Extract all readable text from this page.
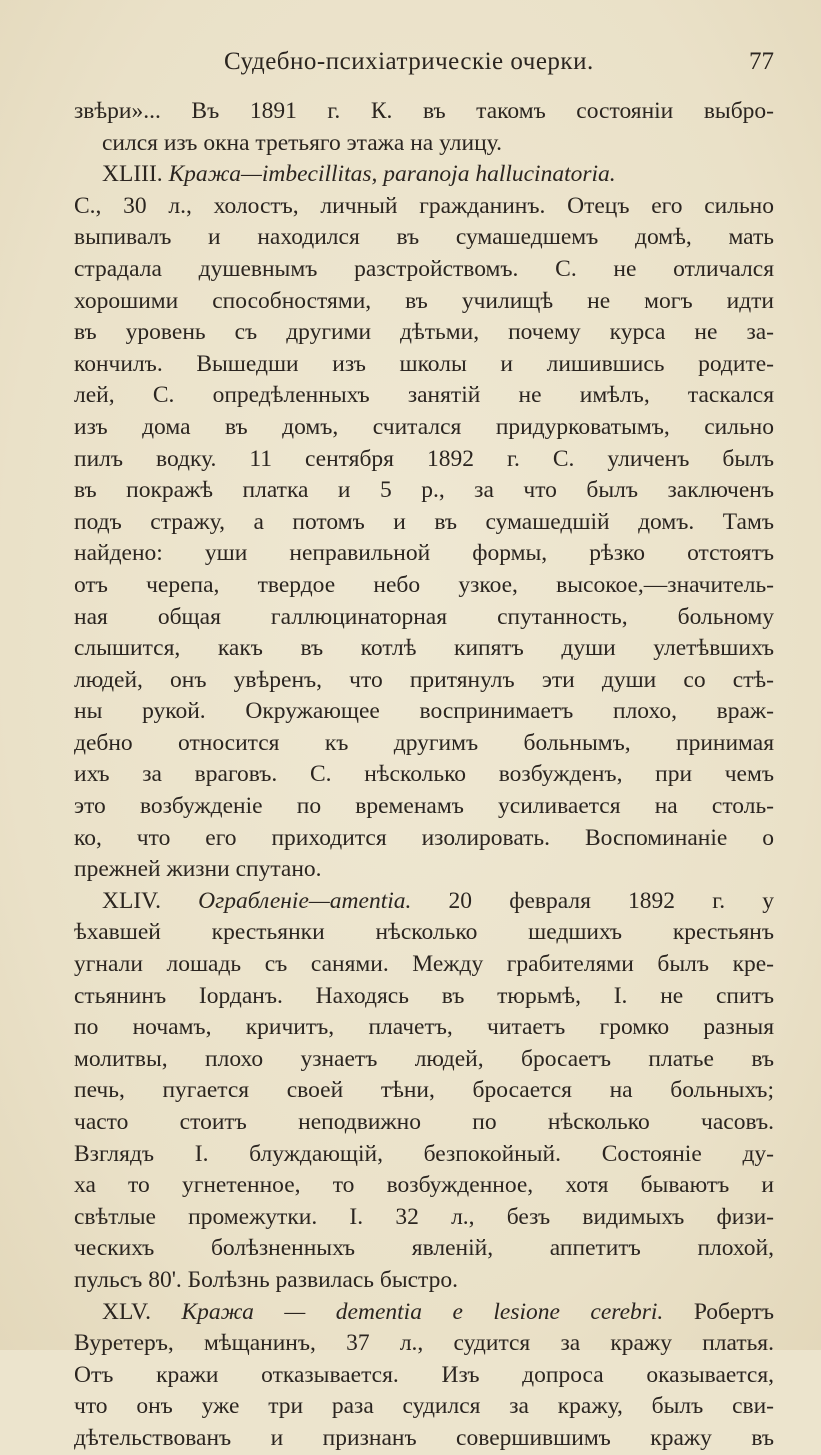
Судебно-психіатрическіе очерки.	77
звѣри»... Въ 1891 г. К. въ такомъ состояніи выбро-
сился изъ окна третьяго этажа на улицу.
XLIII. Кража—imbecillitas, paranoja hallucinatoria.
C., 30 л., холостъ, личный гражданинъ. Отецъ его сильно
выпивалъ и находился въ сумашедшемъ домѣ, мать
страдала душевнымъ разстройствомъ. С. не отличался
хорошими способностями, въ училищѣ не могъ идти
въ уровень съ другими дѣтьми, почему курса не за-
кончилъ. Вышедши изъ школы и лишившись родите-
лей, С. опредѣленныхъ занятій не имѣлъ, таскался
изъ дома въ домъ, считался придурковатымъ, сильно
пилъ водку. 11 сентября 1892 г. С. уличенъ былъ
въ покражѣ платка и 5 р., за что былъ заключенъ
подъ стражу, а потомъ и въ сумашедшій домъ. Тамъ
найдено: уши неправильной формы, рѣзко отстоятъ
отъ черепа, твердое небо узкое, высокое,—значитель-
ная общая галлюцинаторная спутанность, больному
слышится, какъ въ котлѣ кипятъ души улетѣвшихъ
людей, онъ увѣренъ, что притянулъ эти души со стѣ-
ны рукой. Окружающее воспринимаетъ плохо, враж-
дебно относится къ другимъ больнымъ, принимая
ихъ за враговъ. С. нѣсколько возбужденъ, при чемъ
это возбужденіе по временамъ усиливается на столь-
ко, что его приходится изолировать. Воспоминаніе о
прежней жизни спутано.
XLIV. Ограбленіе—amentia. 20 февраля 1892 г. у
ѣхавшей крестьянки нѣсколько шедшихъ крестьянъ
угнали лошадь съ санями. Между грабителями былъ кре-
стьянинъ Іорданъ. Находясь въ тюрьмѣ, І. не спитъ
по ночамъ, кричитъ, плачетъ, читаетъ громко разныя
молитвы, плохо узнаетъ людей, бросаетъ платье въ
печь, пугается своей тѣни, бросается на больныхъ;
часто стоитъ неподвижно по нѣсколько часовъ.
Взглядъ І. блуждающій, безпокойный. Состояніе ду-
ха то угнетенное, то возбужденное, хотя бываютъ и
свѣтлые промежутки. І. 32 л., безъ видимыхъ физи-
ческихъ болѣзненныхъ явленій, аппетитъ плохой,
пульсъ 80'. Болѣзнь развилась быстро.
XLV. Кража — dementia e lesione cerebri. Робертъ
Вуретеръ, мѣщанинъ, 37 л., судится за кражу платья.
Отъ кражи отказывается. Изъ допроса оказывается,
что онъ уже три раза судился за кражу, былъ сви-
дѣтельствованъ и признанъ совершившимъ кражу въ
